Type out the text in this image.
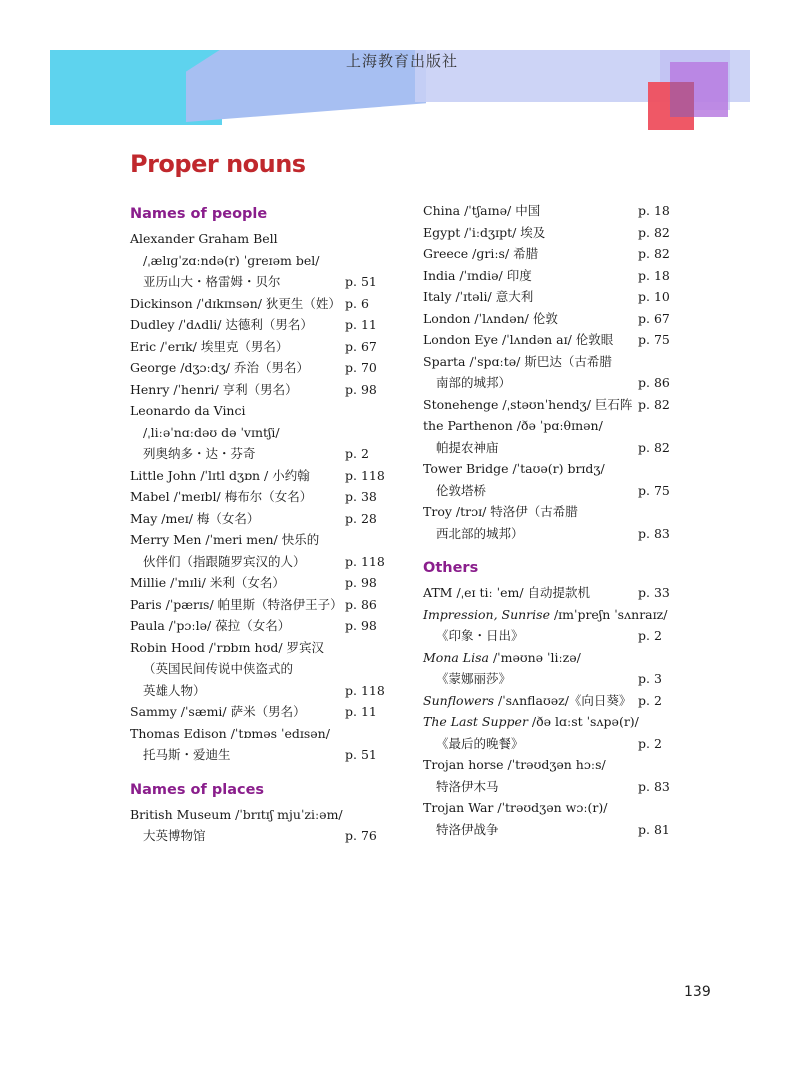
上海教育出版社
Proper nouns
Names of people
Alexander Graham Bell
/ˌælɪɡˈzɑːndə(r) ˈɡreɪəm bel/
亚历山大・格雷姆・贝尔	p. 51
Dickinson /ˈdɪkɪnsən/ 狄更生（姓） p. 6
Dudley /ˈdʌdli/ 达德利（男名）	p. 11
Eric /ˈerɪk/ 埃里克（男名）	p. 67
George /dʒɔːdʒ/ 乔治（男名）	p. 70
Henry /ˈhenri/ 亨利（男名）	p. 98
Leonardo da Vinci
/ˌliːəˈnɑːdəʊ də ˈvɪntʃi/
列奥纳多・达・芬奇	p. 2
Little John /ˈlɪtl dʒɒn / 小约翰	p. 118
Mabel /ˈmeɪbl/ 梅布尔（女名）	p. 38
May /meɪ/ 梅（女名）	p. 28
Merry Men /ˈmeri men/ 快乐的
伙伴们（指跟随罗宾汉的人）	p. 118
Millie /ˈmɪli/ 米利（女名）	p. 98
Paris /ˈpærɪs/ 帕里斯（特洛伊王子） p. 86
Paula /ˈpɔːlə/ 葆拉（女名）	p. 98
Robin Hood /ˈrɒbɪn hʊd/ 罗宾汉
（英国民间传说中侠盗式的
英雄人物）	p. 118
Sammy /ˈsæmi/ 萨米（男名）	p. 11
Thomas Edison /ˈtɒməs ˈedɪsən/
托马斯・爱迪生	p. 51
Names of places
British Museum /ˈbrɪtɪʃ mjuˈziːəm/
大英博物馆	p. 76
China /ˈtʃaɪnə/ 中国	p. 18
Egypt /ˈiːdʒɪpt/ 埃及	p. 82
Greece /ɡriːs/ 希腊	p. 82
India /ˈɪndiə/ 印度	p. 18
Italy /ˈɪtəli/ 意大利	p. 10
London /ˈlʌndən/ 伦敦	p. 67
London Eye /ˈlʌndən aɪ/ 伦敦眼 p. 75
Sparta /ˈspɑːtə/ 斯巴达（古希腊
南部的城邦）	p. 86
Stonehenge /ˌstəʊnˈhendʒ/ 巨石阵 p. 82
the Parthenon /ðə ˈpɑːθɪnən/
帕提农神庙	p. 82
Tower Bridge /ˈtaʊə(r) brɪdʒ/
伦敦塔桥	p. 75
Troy /trɔɪ/ 特洛伊（古希腊
西北部的城邦）	p. 83
Others
ATM /ˌeɪ tiː ˈem/ 自动提款机	p. 33
Impression, Sunrise /ɪmˈpreʃn ˈsʌnraɪz/
《印象・日出》	p. 2
Mona Lisa /ˈməʊnə ˈliːzə/
《蒙娜丽莎》	p. 3
Sunflowers /ˈsʌnflaʊəz/《向日葵》 p. 2
The Last Supper /ðə lɑːst ˈsʌpə(r)/
《最后的晚餐》	p. 2
Trojan horse /ˈtrəʊdʒən hɔːs/
特洛伊木马	p. 83
Trojan War /ˈtrəʊdʒən wɔː(r)/
特洛伊战争	p. 81
139
